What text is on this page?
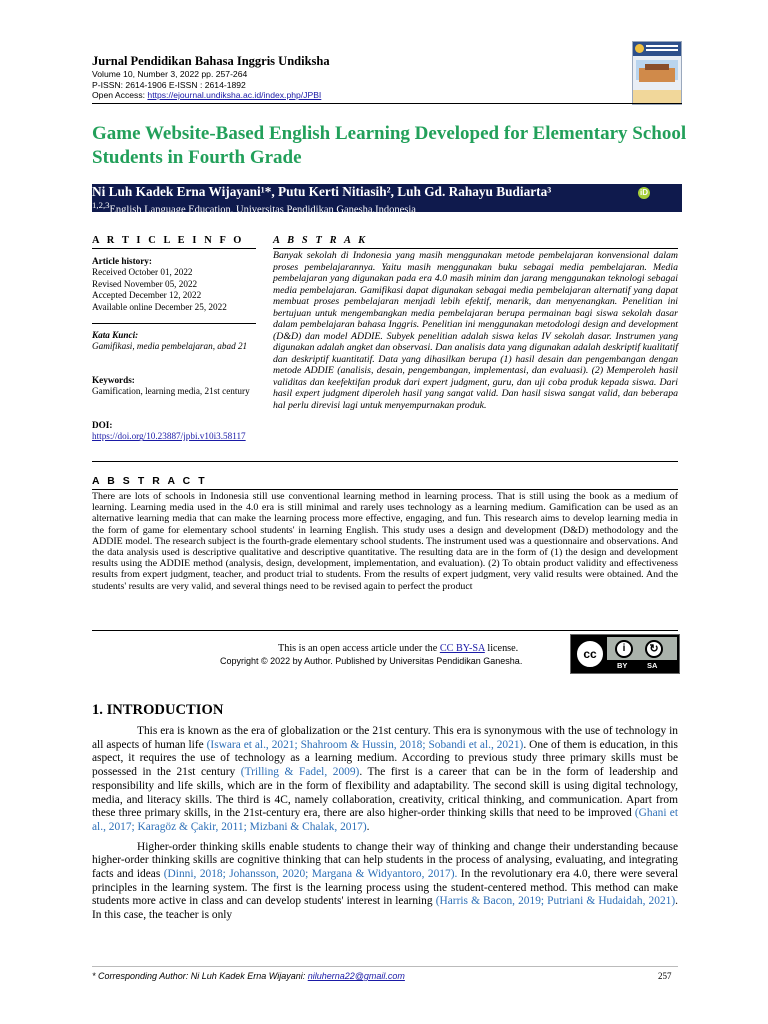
Jurnal Pendidikan Bahasa Inggris Undiksha
Volume 10, Number 3, 2022 pp. 257-264
P-ISSN: 2614-1906 E-ISSN : 2614-1892
Open Access: https://ejournal.undiksha.ac.id/index.php/JPBI
Game Website-Based English Learning Developed for Elementary School Students in Fourth Grade
Ni Luh Kadek Erna Wijayani¹*, Putu Kerti Nitiasih², Luh Gd. Rahayu Budiarta³	iD
$^{1,2,3}$English Language Education, Universitas Pendidikan Ganesha,Indonesia
A R T I C L E I N F O
Article history:
Received October 01, 2022
Revised November 05, 2022
Accepted December 12, 2022
Available online December 25, 2022
Kata Kunci:
Gamifikasi, media pembelajaran, abad 21
Keywords:
Gamification, learning media, 21st century
DOI:
https://doi.org/10.23887/jpbi.v10i3.58117
A B S T R A K
Banyak sekolah di Indonesia yang masih menggunakan metode pembelajaran konvensional dalam proses pembelajarannya. Yaitu masih menggunakan buku sebagai media pembelajaran. Media pembelajaran yang digunakan pada era 4.0 masih minim dan jarang menggunakan teknologi sebagai media pembelajaran. Gamifikasi dapat digunakan sebagai media pembelajaran alternatif yang dapat membuat proses pembelajaran menjadi lebih efektif, menarik, dan menyenangkan. Penelitian ini bertujuan untuk mengembangkan media pembelajaran berupa permainan bagi siswa sekolah dasar dalam pembelajaran bahasa Inggris. Penelitian ini menggunakan metodologi design and development (D&D) dan model ADDIE. Subyek penelitian adalah siswa kelas IV sekolah dasar. Instrumen yang digunakan adalah angket dan observasi. Dan analisis data yang digunakan adalah deskriptif kualitatif dan deskriptif kuantitatif. Data yang dihasilkan berupa (1) hasil desain dan pengembangan dengan metode ADDIE (analisis, desain, pengembangan, implementasi, dan evaluasi). (2) Memperoleh hasil validitas dan keefektifan produk dari expert judgment, guru, dan uji coba produk kepada siswa. Dari hasil expert judgment diperoleh hasil yang sangat valid. Dan hasil siswa sangat valid, dan beberapa hal perlu direvisi lagi untuk menyempurnakan produk.
A B S T R A C T
There are lots of schools in Indonesia still use conventional learning method in learning process. That is still using the book as a medium of learning. Learning media used in the 4.0 era is still minimal and rarely uses technology as a learning medium. Gamification can be used as an alternative learning media that can make the learning process more effective, engaging, and fun. This research aims to develop learning media in the form of game for elementary school students' in learning English. This study uses a design and development (D&D) methodology and the ADDIE model. The research subject is the fourth-grade elementary school students. The instrument used was a questionnaire and observations. And the data analysis used is descriptive qualitative and descriptive quantitative. The resulting data are in the form of (1) the design and development results using the ADDIE method (analysis, design, development, implementation, and evaluation). (2) To obtain product validity and effectiveness results from expert judgment, teacher, and product trial to students. From the results of expert judgment, very valid results were obtained. And the students' results are very valid, and several things need to be revised again to perfect the product
This is an open access article under the CC BY-SA license.
Copyright © 2022 by Author. Published by Universitas Pendidikan Ganesha.	cc	i	↻
BY	SA
1. INTRODUCTION

This era is known as the era of globalization or the 21st century. This era is synonymous with the use of technology in all aspects of human life (Iswara et al., 2021; Shahroom & Hussin, 2018; Sobandi et al., 2021). One of them is education, in this aspect, it requires the use of technology as a learning medium. According to previous study three primary skills must be possessed in the 21st century (Trilling & Fadel, 2009). The first is a career that can be in the form of leadership and responsibility and life skills, which are in the form of flexibility and adaptability. The second skill is using digital technology, media, and literacy skills. The third is 4C, namely collaboration, creativity, critical thinking, and communication. Apart from these three primary skills, in the 21st-century era, there are also higher-order thinking skills that need to be improved (Ghani et al., 2017; Karagöz & Çakir, 2011; Mizbani & Chalak, 2017).

Higher-order thinking skills enable students to change their way of thinking and change their understanding because higher-order thinking skills are cognitive thinking that can help students in the process of analysing, evaluating, and integrating facts and ideas (Dinni, 2018; Johansson, 2020; Margana & Widyantoro, 2017). In the revolutionary era 4.0, there were several principles in the learning system. The first is the learning process using the student-centered method. This method can make students more active in class and can develop students' interest in learning (Harris & Bacon, 2019; Putriani & Hudaidah, 2021). In this case, the teacher is only

* Corresponding Author: Ni Luh Kadek Erna Wijayani: niluherna22@gmail.com	257
